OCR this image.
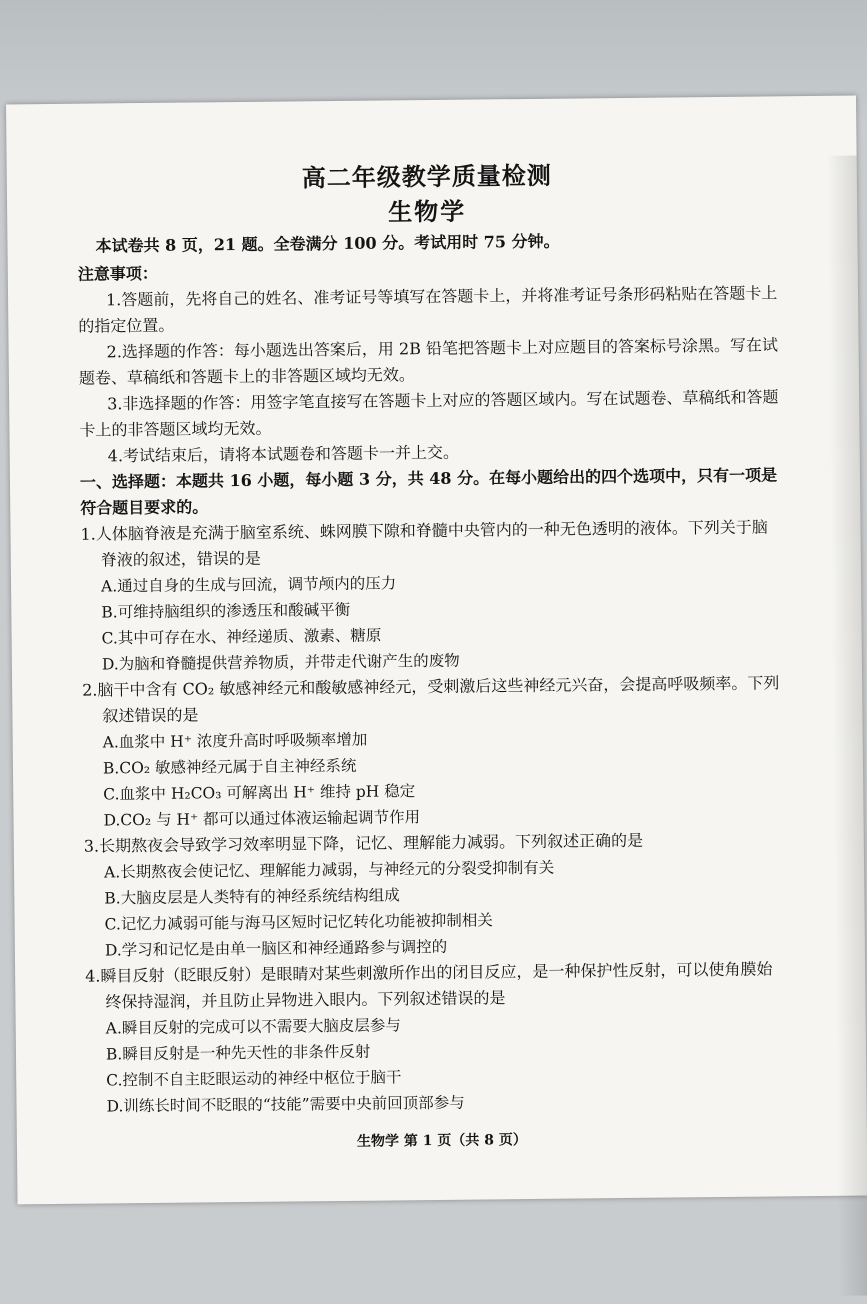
高二年级教学质量检测
生物学
本试卷共 8 页，21 题。全卷满分 100 分。考试用时 75 分钟。
注意事项：
1.答题前，先将自己的姓名、准考证号等填写在答题卡上，并将准考证号条形码粘贴在答题卡上的指定位置。
2.选择题的作答：每小题选出答案后，用 2B 铅笔把答题卡上对应题目的答案标号涂黑。写在试题卷、草稿纸和答题卡上的非答题区域均无效。
3.非选择题的作答：用签字笔直接写在答题卡上对应的答题区域内。写在试题卷、草稿纸和答题卡上的非答题区域均无效。
4.考试结束后，请将本试题卷和答题卡一并上交。
一、选择题：本题共 16 小题，每小题 3 分，共 48 分。在每小题给出的四个选项中，只有一项是符合题目要求的。
1.人体脑脊液是充满于脑室系统、蛛网膜下隙和脊髓中央管内的一种无色透明的液体。下列关于脑脊液的叙述，错误的是
A.通过自身的生成与回流，调节颅内的压力
B.可维持脑组织的渗透压和酸碱平衡
C.其中可存在水、神经递质、激素、糖原
D.为脑和脊髓提供营养物质，并带走代谢产生的废物
2.脑干中含有 CO₂ 敏感神经元和酸敏感神经元，受刺激后这些神经元兴奋，会提高呼吸频率。下列叙述错误的是
A.血浆中 H⁺ 浓度升高时呼吸频率增加
B.CO₂ 敏感神经元属于自主神经系统
C.血浆中 H₂CO₃ 可解离出 H⁺ 维持 pH 稳定
D.CO₂ 与 H⁺ 都可以通过体液运输起调节作用
3.长期熬夜会导致学习效率明显下降，记忆、理解能力减弱。下列叙述正确的是
A.长期熬夜会使记忆、理解能力减弱，与神经元的分裂受抑制有关
B.大脑皮层是人类特有的神经系统结构组成
C.记忆力减弱可能与海马区短时记忆转化功能被抑制相关
D.学习和记忆是由单一脑区和神经通路参与调控的
4.瞬目反射（眨眼反射）是眼睛对某些刺激所作出的闭目反应，是一种保护性反射，可以使角膜始终保持湿润，并且防止异物进入眼内。下列叙述错误的是
A.瞬目反射的完成可以不需要大脑皮层参与
B.瞬目反射是一种先天性的非条件反射
C.控制不自主眨眼运动的神经中枢位于脑干
D.训练长时间不眨眼的“技能”需要中央前回顶部参与
生物学 第 1 页（共 8 页）
